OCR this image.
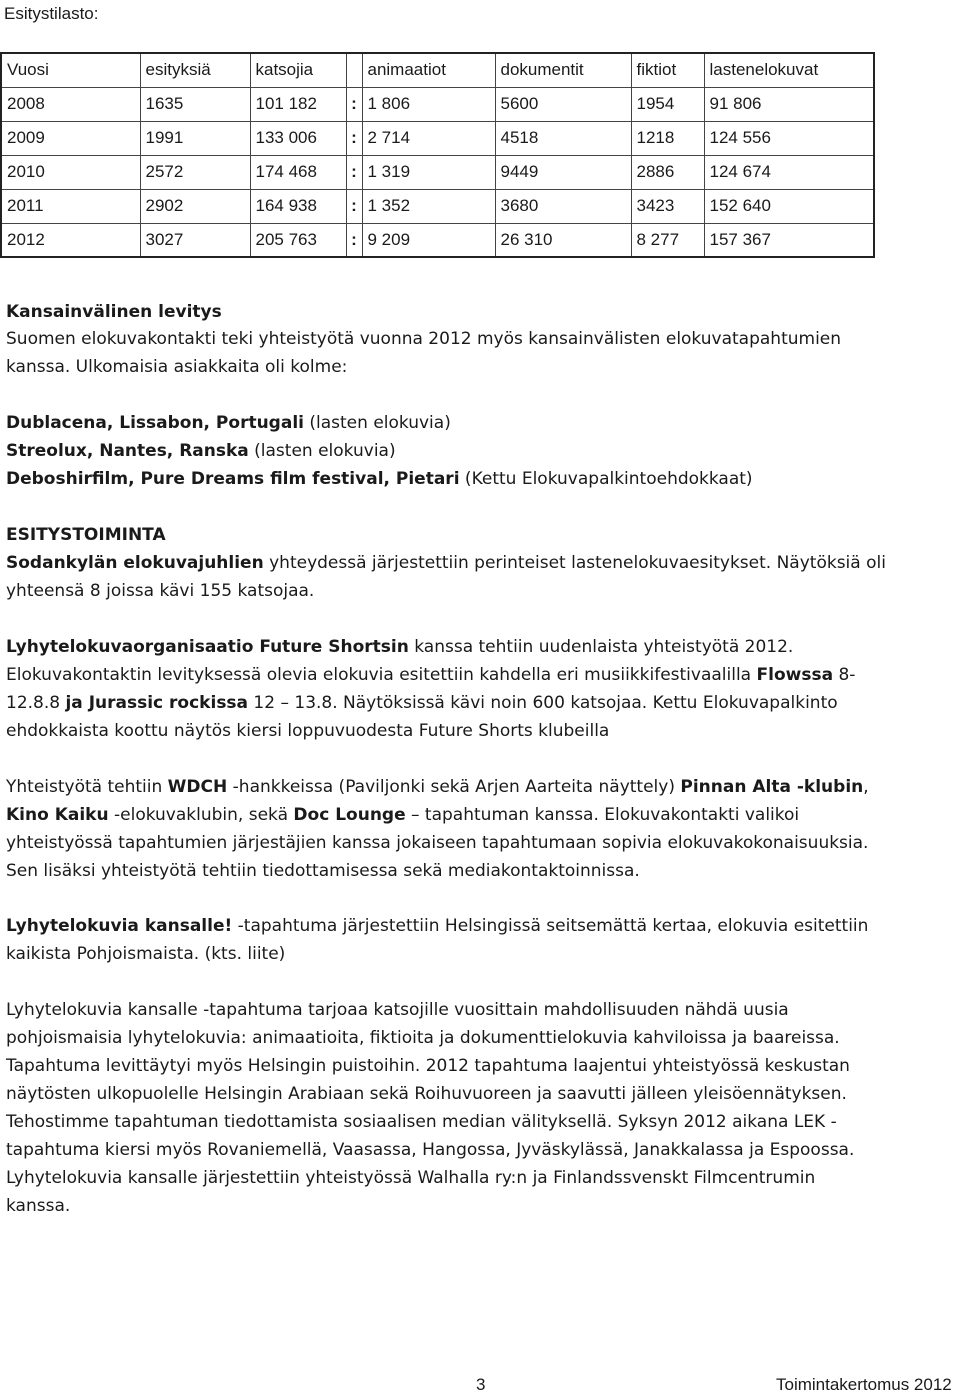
Esitystilasto:
Vuosi	esityksiä	katsojia		animaatiot	dokumentit	fiktiot	lastenelokuvat
2008	1635	101 182	:	1 806	5600	1954	91 806
2009	1991	133 006	:	2 714	4518	1218	124 556
2010	2572	174 468	:	1 319	9449	2886	124 674
2011	2902	164 938	:	1 352	3680	3423	152 640
2012	3027	205 763	:	9 209	26 310	8 277	157 367

Kansainvälinen levitys

Suomen elokuvakontakti teki yhteistyötä vuonna 2012 myös kansainvälisten elokuvatapahtumien

kanssa. Ulkomaisia asiakkaita oli kolme:

Dublacena, Lissabon, Portugali (lasten elokuvia)

Streolux, Nantes, Ranska (lasten elokuvia)

Deboshirfilm, Pure Dreams film festival, Pietari (Kettu Elokuvapalkintoehdokkaat)

ESITYSTOIMINTA

Sodankylän elokuvajuhlien yhteydessä järjestettiin perinteiset lastenelokuvaesitykset. Näytöksiä oli

yhteensä 8 joissa kävi 155 katsojaa.

Lyhytelokuvaorganisaatio Future Shortsin kanssa tehtiin uudenlaista yhteistyötä 2012.

Elokuvakontaktin levityksessä olevia elokuvia esitettiin kahdella eri musiikkifestivaalilla Flowssa 8-

12.8.8 ja Jurassic rockissa 12 – 13.8. Näytöksissä kävi noin 600 katsojaa. Kettu Elokuvapalkinto

ehdokkaista koottu näytös kiersi loppuvuodesta Future Shorts klubeilla

Yhteistyötä tehtiin WDCH -hankkeissa (Paviljonki sekä Arjen Aarteita näyttely) Pinnan Alta -klubin,

Kino Kaiku -elokuvaklubin, sekä Doc Lounge – tapahtuman kanssa. Elokuvakontakti valikoi

yhteistyössä tapahtumien järjestäjien kanssa jokaiseen tapahtumaan sopivia elokuvakokonaisuuksia.

Sen lisäksi yhteistyötä tehtiin tiedottamisessa sekä mediakontaktoinnissa.

Lyhytelokuvia kansalle! -tapahtuma järjestettiin Helsingissä seitsemättä kertaa, elokuvia esitettiin

kaikista Pohjoismaista. (kts. liite)

Lyhytelokuvia kansalle -tapahtuma tarjoaa katsojille vuosittain mahdollisuuden nähdä uusia

pohjoismaisia lyhytelokuvia: animaatioita, fiktioita ja dokumenttielokuvia kahviloissa ja baareissa.

Tapahtuma levittäytyi myös Helsingin puistoihin. 2012 tapahtuma laajentui yhteistyössä keskustan

näytösten ulkopuolelle Helsingin Arabiaan sekä Roihuvuoreen ja saavutti jälleen yleisöennätyksen.

Tehostimme tapahtuman tiedottamista sosiaalisen median välityksellä. Syksyn 2012 aikana LEK -

tapahtuma kiersi myös Rovaniemellä, Vaasassa, Hangossa, Jyväskylässä, Janakkalassa ja Espoossa.

Lyhytelokuvia kansalle järjestettiin yhteistyössä Walhalla ry:n ja Finlandssvenskt Filmcentrumin

kanssa.

3	Toimintakertomus 2012
